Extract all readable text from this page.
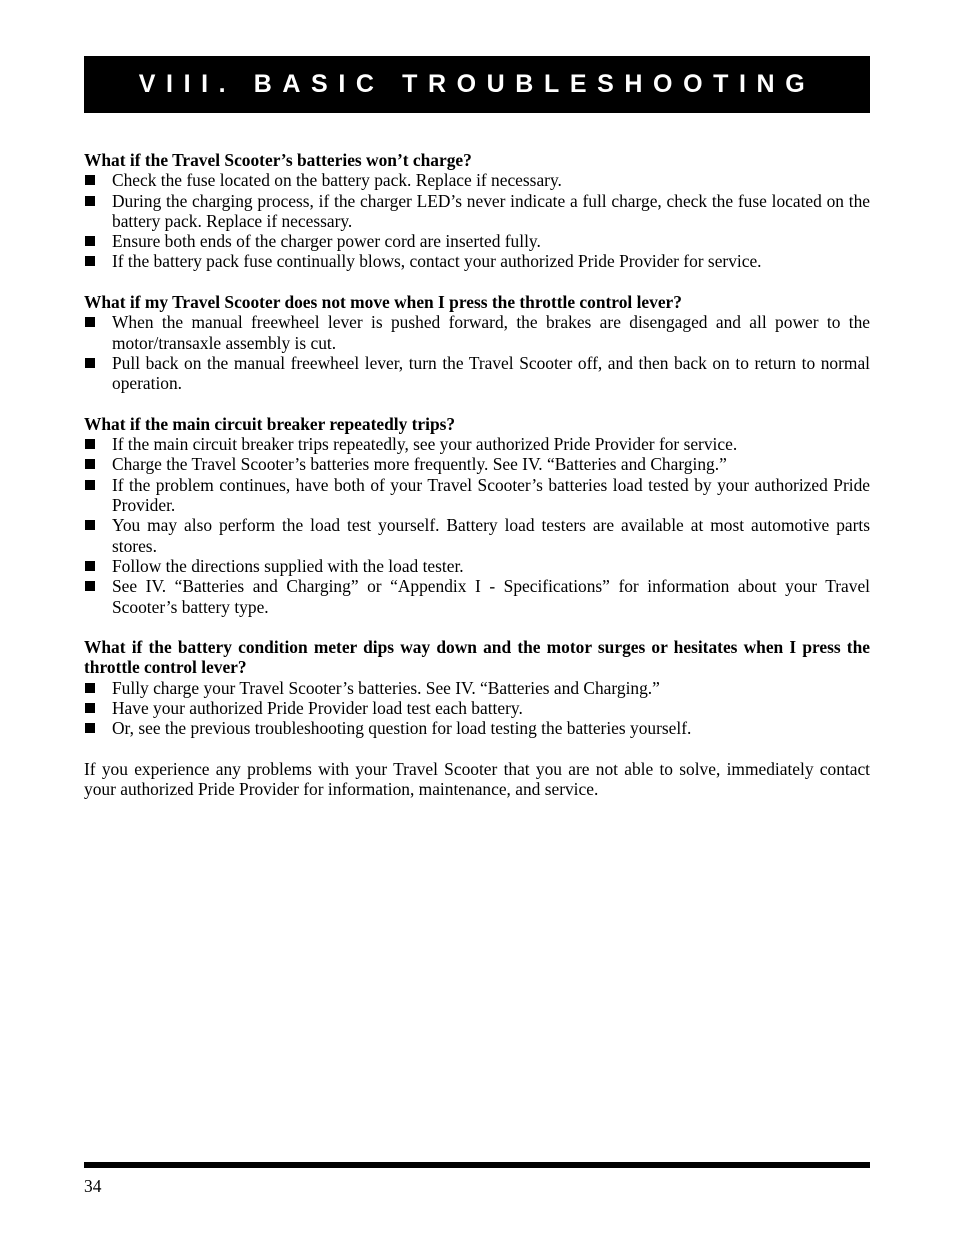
VIII. BASIC TROUBLESHOOTING

What if the Travel Scooter’s batteries won’t charge?

Check the fuse located on the battery pack. Replace if necessary.
During the charging process, if the charger LED’s never indicate a full charge, check the fuse located on the battery pack. Replace if necessary.
Ensure both ends of the charger power cord are inserted fully.
If the battery pack fuse continually blows, contact your authorized Pride Provider for service.

What if my Travel Scooter does not move when I press the throttle control lever?

When the manual freewheel lever is pushed forward, the brakes are disengaged and all power to the motor/transaxle assembly is cut.
Pull back on the manual freewheel lever, turn the Travel Scooter off, and then back on to return to normal operation.

What if the main circuit breaker repeatedly trips?

If the main circuit breaker trips repeatedly, see your authorized Pride Provider for service.
Charge the Travel Scooter’s batteries more frequently. See IV. “Batteries and Charging.”
If the problem continues, have both of your Travel Scooter’s batteries load tested by your authorized Pride Provider.
You may also perform the load test yourself. Battery load testers are available at most automotive parts stores.
Follow the directions supplied with the load tester.
See IV. “Batteries and Charging” or “Appendix I - Specifications” for information about your Travel Scooter’s battery type.

What if the battery condition meter dips way down and the motor surges or hesitates when I press the throttle control lever?

Fully charge your Travel Scooter’s batteries. See IV. “Batteries and Charging.”
Have your authorized Pride Provider load test each battery.
Or, see the previous troubleshooting question for load testing the batteries yourself.

If you experience any problems with your Travel Scooter that you are not able to solve, immediately contact your authorized Pride Provider for information, maintenance, and service.

34
